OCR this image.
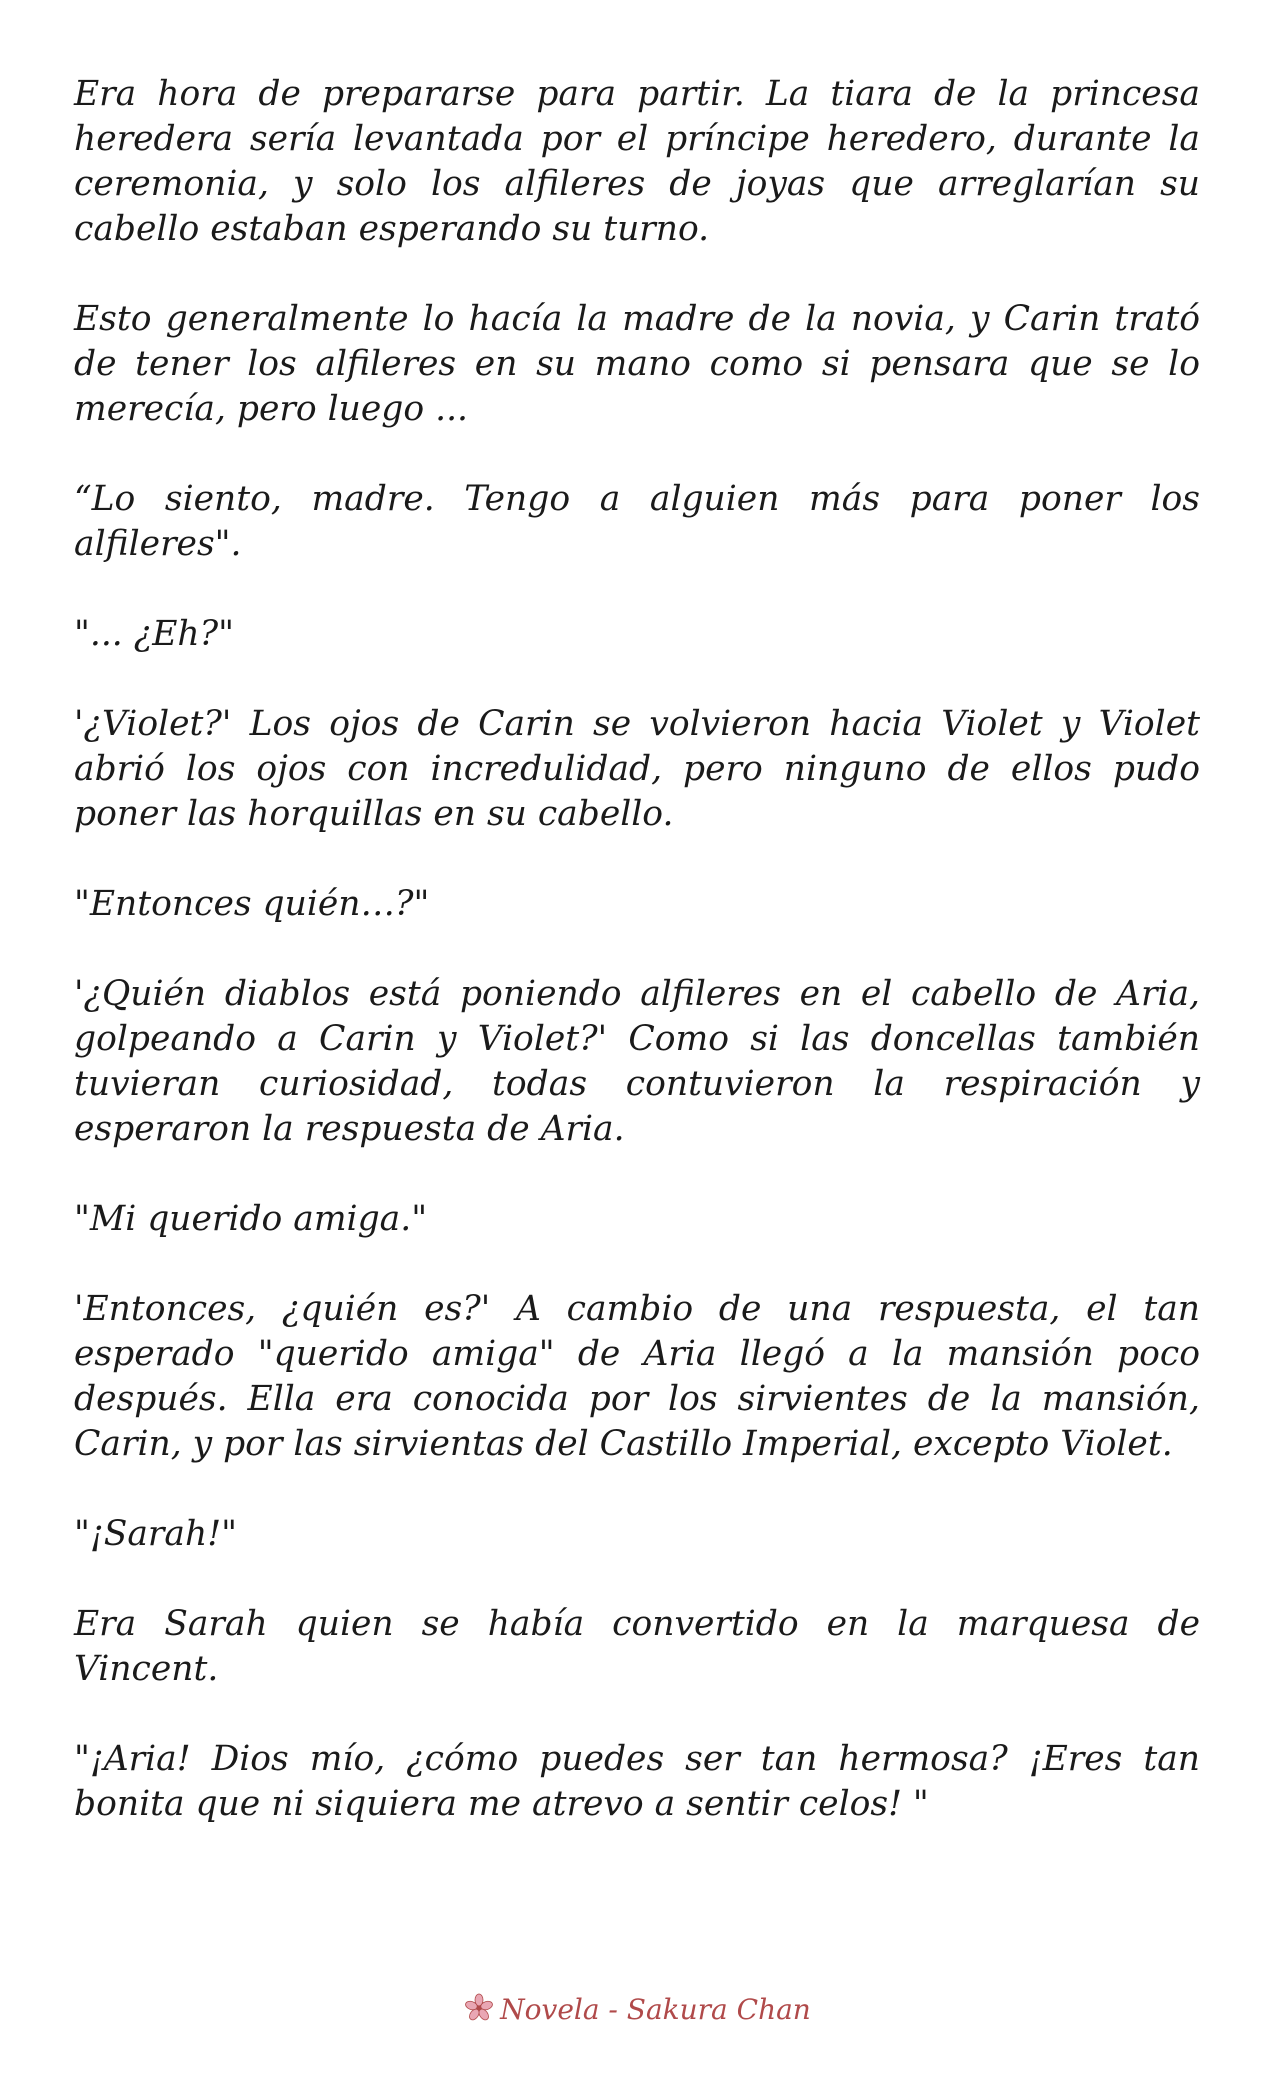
Era hora de prepararse para partir. La tiara de la princesa heredera sería levantada por el príncipe heredero, durante la ceremonia, y solo los alfileres de joyas que arreglarían su cabello estaban esperando su turno.

Esto generalmente lo hacía la madre de la novia, y Carin trató de tener los alfileres en su mano como si pensara que se lo merecía, pero luego ...

“Lo siento, madre. Tengo a alguien más para poner los alfileres".

"... ¿Eh?"

'¿Violet?' Los ojos de Carin se volvieron hacia Violet y Violet abrió los ojos con incredulidad, pero ninguno de ellos pudo poner las horquillas en su cabello.

"Entonces quién…?"

'¿Quién diablos está poniendo alfileres en el cabello de Aria, golpeando a Carin y Violet?' Como si las doncellas también tuvieran curiosidad, todas contuvieron la respiración y esperaron la respuesta de Aria.

"Mi querido amiga."

'Entonces, ¿quién es?' A cambio de una respuesta, el tan esperado "querido amiga" de Aria llegó a la mansión poco después. Ella era conocida por los sirvientes de la mansión, Carin, y por las sirvientas del Castillo Imperial, excepto Violet.

"¡Sarah!"

Era Sarah quien se había convertido en la marquesa de Vincent.

"¡Aria! Dios mío, ¿cómo puedes ser tan hermosa? ¡Eres tan bonita que ni siquiera me atrevo a sentir celos! "

Novela - Sakura Chan
